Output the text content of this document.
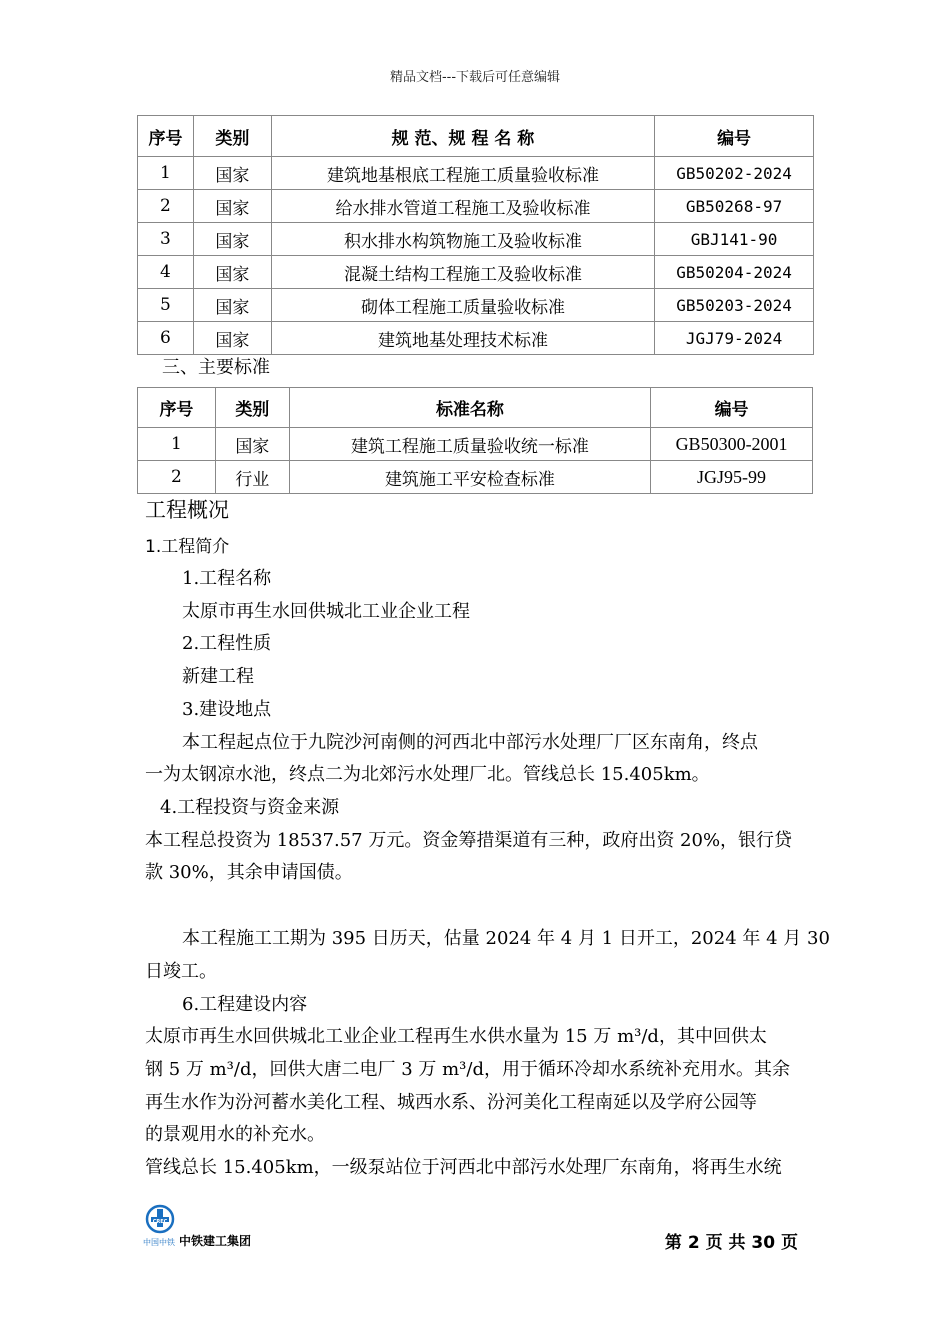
精品文档---下载后可任意编辑
序号	类别	规 范、规 程 名 称	编号
1	国家	建筑地基根底工程施工质量验收标准	GB50202-2024
2	国家	给水排水管道工程施工及验收标准	GB50268-97
3	国家	积水排水构筑物施工及验收标准	GBJ141-90
4	国家	混凝土结构工程施工及验收标准	GB50204-2024
5	国家	砌体工程施工质量验收标准	GB50203-2024
6	国家	建筑地基处理技术标准	JGJ79-2024
三、主要标准
序号	类别	标准名称	编号
1	国家	建筑工程施工质量验收统一标准	GB50300-2001
2	行业	建筑施工平安检查标准	JGJ95-99
工程概况
1.工程简介
1.工程名称
太原市再生水回供城北工业企业工程
2.工程性质
新建工程
3.建设地点
本工程起点位于九院沙河南侧的河西北中部污水处理厂厂区东南角，终点
一为太钢凉水池，终点二为北郊污水处理厂北。管线总长 15.405km。
4.工程投资与资金来源
本工程总投资为 18537.57 万元。资金筹措渠道有三种，政府出资 20%，银行贷
款 30%，其余申请国债。
本工程施工工期为 395 日历天，估量 2024 年 4 月 1 日开工，2024 年 4 月 30
日竣工。
6.工程建设内容
太原市再生水回供城北工业企业工程再生水供水量为 15 万 m³/d，其中回供太
钢 5 万 m³/d，回供大唐二电厂 3 万 m³/d，用于循环冷却水系统补充用水。其余
再生水作为汾河蓄水美化工程、城西水系、汾河美化工程南延以及学府公园等
的景观用水的补充水。
管线总长 15.405km，一级泵站位于河西北中部污水处理厂东南角，将再生水统
CREC
中国中铁 中铁建工集团	第 2 页 共 30 页
